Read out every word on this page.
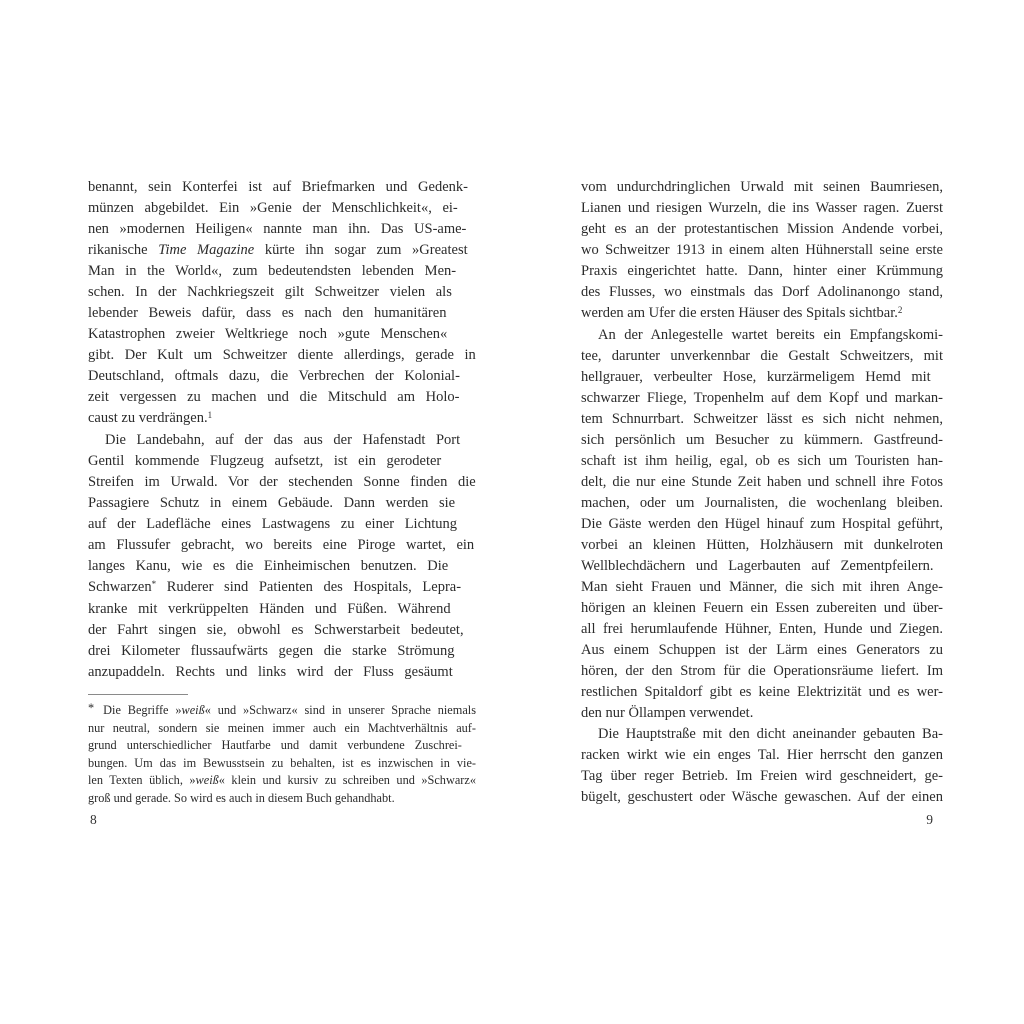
benannt, sein Konterfei ist auf Briefmarken und Gedenk-
münzen abgebildet. Ein »Genie der Menschlichkeit«, ei-
nen »modernen Heiligen« nannte man ihn. Das US-ame-
rikanische Time Magazine kürte ihn sogar zum »Greatest
Man in the World«, zum bedeutendsten lebenden Men-
schen. In der Nachkriegszeit gilt Schweitzer vielen als
lebender Beweis dafür, dass es nach den humanitären
Katastrophen zweier Weltkriege noch »gute Menschen«
gibt. Der Kult um Schweitzer diente allerdings, gerade in
Deutschland, oftmals dazu, die Verbrechen der Kolonial-
zeit vergessen zu machen und die Mitschuld am Holo-
caust zu verdrängen.$^1$
Die Landebahn, auf der das aus der Hafenstadt Port
Gentil kommende Flugzeug aufsetzt, ist ein gerodeter
Streifen im Urwald. Vor der stechenden Sonne finden die
Passagiere Schutz in einem Gebäude. Dann werden sie
auf der Ladefläche eines Lastwagens zu einer Lichtung
am Flussufer gebracht, wo bereits eine Piroge wartet, ein
langes Kanu, wie es die Einheimischen benutzen. Die
Schwarzen* Ruderer sind Patienten des Hospitals, Lepra-
kranke mit verkrüppelten Händen und Füßen. Während
der Fahrt singen sie, obwohl es Schwerstarbeit bedeutet,
drei Kilometer flussaufwärts gegen die starke Strömung
anzupaddeln. Rechts und links wird der Fluss gesäumt
* Die Begriffe »weiß« und »Schwarz« sind in unserer Sprache niemals
nur neutral, sondern sie meinen immer auch ein Machtverhältnis auf-
grund unterschiedlicher Hautfarbe und damit verbundene Zuschrei-
bungen. Um das im Bewusstsein zu behalten, ist es inzwischen in vie-
len Texten üblich, »weiß« klein und kursiv zu schreiben und »Schwarz«
groß und gerade. So wird es auch in diesem Buch gehandhabt.
vom undurchdringlichen Urwald mit seinen Baumriesen,
Lianen und riesigen Wurzeln, die ins Wasser ragen. Zuerst
geht es an der protestantischen Mission Andende vorbei,
wo Schweitzer 1913 in einem alten Hühnerstall seine erste
Praxis eingerichtet hatte. Dann, hinter einer Krümmung
des Flusses, wo einstmals das Dorf Adolinanongo stand,
werden am Ufer die ersten Häuser des Spitals sichtbar.$^2$
An der Anlegestelle wartet bereits ein Empfangskomi-
tee, darunter unverkennbar die Gestalt Schweitzers, mit
hellgrauer, verbeulter Hose, kurzärmeligem Hemd mit
schwarzer Fliege, Tropenhelm auf dem Kopf und markan-
tem Schnurrbart. Schweitzer lässt es sich nicht nehmen,
sich persönlich um Besucher zu kümmern. Gastfreund-
schaft ist ihm heilig, egal, ob es sich um Touristen han-
delt, die nur eine Stunde Zeit haben und schnell ihre Fotos
machen, oder um Journalisten, die wochenlang bleiben.
Die Gäste werden den Hügel hinauf zum Hospital geführt,
vorbei an kleinen Hütten, Holzhäusern mit dunkelroten
Wellblechdächern und Lagerbauten auf Zementpfeilern.
Man sieht Frauen und Männer, die sich mit ihren Ange-
hörigen an kleinen Feuern ein Essen zubereiten und über-
all frei herumlaufende Hühner, Enten, Hunde und Ziegen.
Aus einem Schuppen ist der Lärm eines Generators zu
hören, der den Strom für die Operationsräume liefert. Im
restlichen Spitaldorf gibt es keine Elektrizität und es wer-
den nur Öllampen verwendet.
Die Hauptstraße mit den dicht aneinander gebauten Ba-
racken wirkt wie ein enges Tal. Hier herrscht den ganzen
Tag über reger Betrieb. Im Freien wird geschneidert, ge-
bügelt, geschustert oder Wäsche gewaschen. Auf der einen
8	9
